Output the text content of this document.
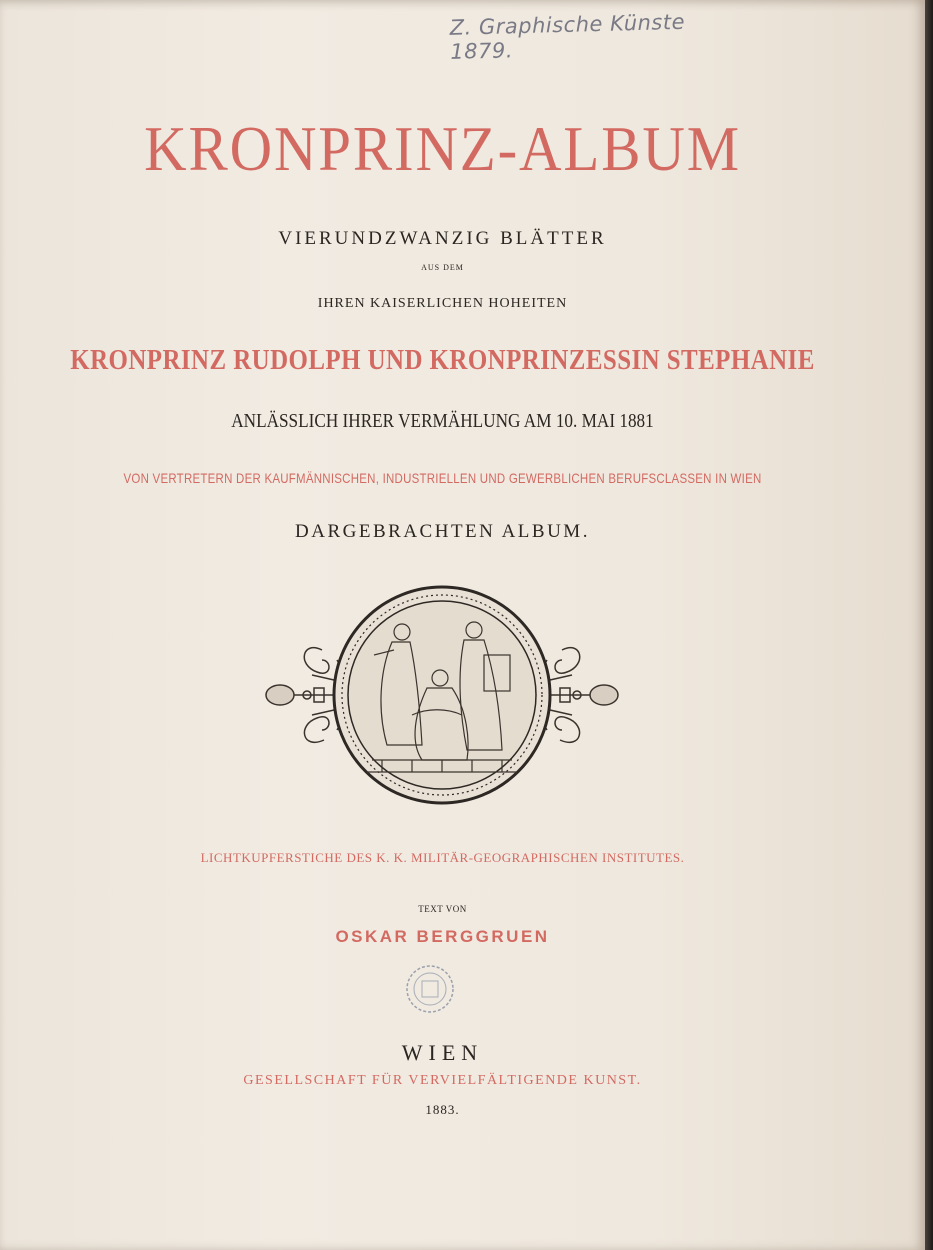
Z. Graphische Künste 1879.
KRONPRINZ-ALBUM
VIERUNDZWANZIG BLÄTTER
AUS DEM
IHREN KAISERLICHEN HOHEITEN
KRONPRINZ RUDOLPH UND KRONPRINZESSIN STEPHANIE
ANLÄSSLICH IHRER VERMÄHLUNG AM 10. MAI 1881
VON VERTRETERN DER KAUFMÄNNISCHEN, INDUSTRIELLEN UND GEWERBLICHEN BERUFSCLASSEN IN WIEN
DARGEBRACHTEN ALBUM.
LICHTKUPFERSTICHE DES K. K. MILITÄR-GEOGRAPHISCHEN INSTITUTES.
TEXT VON
OSKAR BERGGRUEN
WIEN
GESELLSCHAFT FÜR VERVIELFÄLTIGENDE KUNST.
1883.
